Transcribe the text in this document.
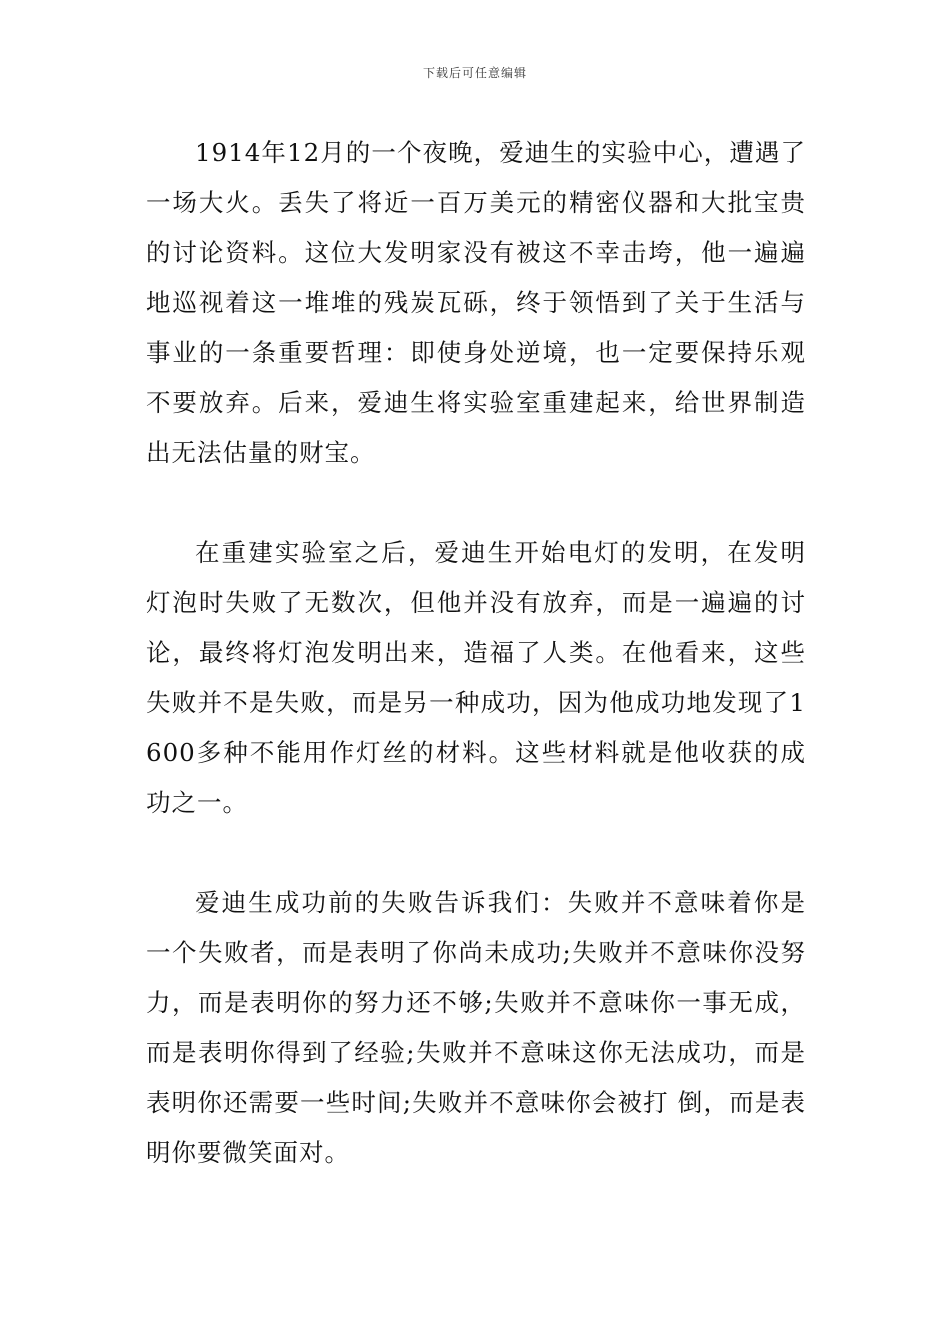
下载后可任意编辑

1914年12月的一个夜晚，爱迪生的实验中心，遭遇了一场大火。丢失了将近一百万美元的精密仪器和大批宝贵的讨论资料。这位大发明家没有被这不幸击垮，他一遍遍地巡视着这一堆堆的残炭瓦砾，终于领悟到了关于生活与事业的一条重要哲理：即使身处逆境，也一定要保持乐观不要放弃。后来，爱迪生将实验室重建起来，给世界制造出无法估量的财宝。

在重建实验室之后，爱迪生开始电灯的发明，在发明灯泡时失败了无数次，但他并没有放弃，而是一遍遍的讨论，最终将灯泡发明出来，造福了人类。在他看来，这些失败并不是失败，而是另一种成功，因为他成功地发现了1600多种不能用作灯丝的材料。这些材料就是他收获的成功之一。

爱迪生成功前的失败告诉我们：失败并不意味着你是一个失败者，而是表明了你尚未成功;失败并不意味你没努力，而是表明你的努力还不够;失败并不意味你一事无成，而是表明你得到了经验;失败并不意味这你无法成功，而是表明你还需要一些时间;失败并不意味你会被打 倒，而是表明你要微笑面对。
